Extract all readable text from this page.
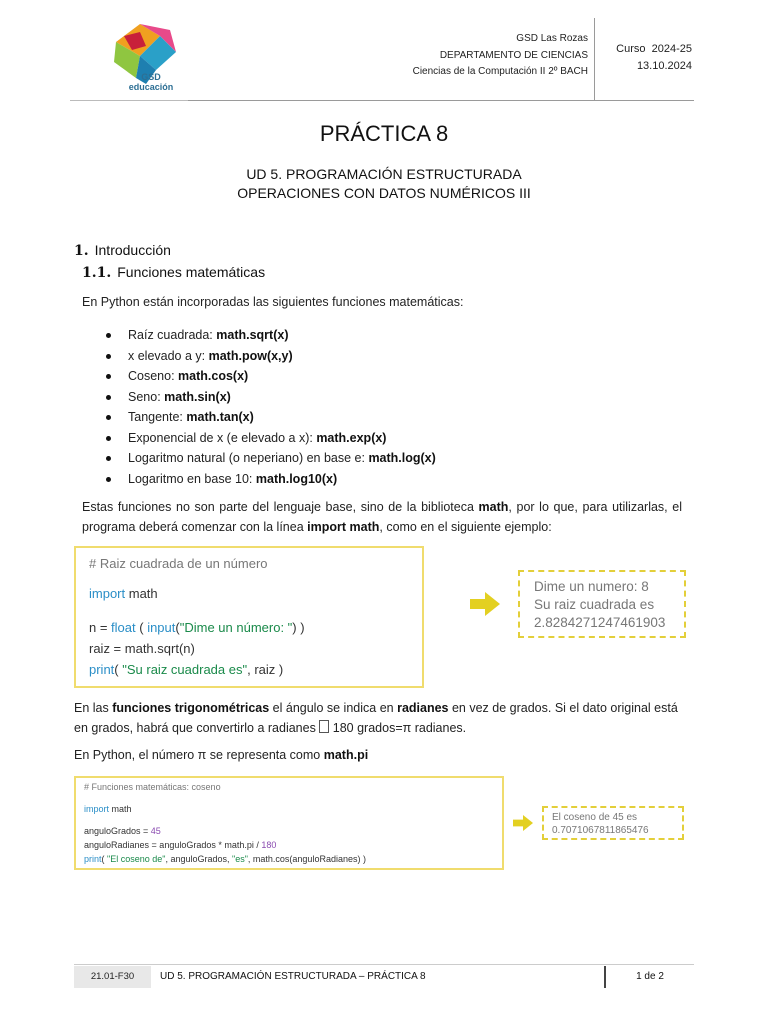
GSD
educación
GSD Las Rozas
DEPARTAMENTO DE CIENCIAS
Ciencias de la Computación II 2º BACH
Curso  2024-25
13.10.2024
PRÁCTICA 8
UD 5. PROGRAMACIÓN ESTRUCTURADA
OPERACIONES CON DATOS NUMÉRICOS III
1. Introducción
1.1. Funciones matemáticas
En Python están incorporadas las siguientes funciones matemáticas:
Raíz cuadrada: math.sqrt(x)
x elevado a y: math.pow(x,y)
Coseno: math.cos(x)
Seno: math.sin(x)
Tangente: math.tan(x)
Exponencial de x (e elevado a x): math.exp(x)
Logaritmo natural (o neperiano) en base e: math.log(x)
Logaritmo en base 10: math.log10(x)
Estas funciones no son parte del lenguaje base, sino de la biblioteca math, por lo que, para utilizarlas, el programa deberá comenzar con la línea import math, como en el siguiente ejemplo:
# Raiz cuadrada de un número
import math
n = float ( input("Dime un número: ") )
raiz = math.sqrt(n)
print( "Su raiz cuadrada es", raiz )
Dime un numero: 8
Su raiz cuadrada es
2.8284271247461903
En las funciones trigonométricas el ángulo se indica en radianes en vez de grados. Si el dato original está en grados, habrá que convertirlo a radianes  180 grados=π radianes.
En Python, el número π se representa como math.pi
# Funciones matemáticas: coseno
import math
anguloGrados = 45
anguloRadianes = anguloGrados * math.pi / 180
print( "El coseno de", anguloGrados, "es", math.cos(anguloRadianes) )
El coseno de 45 es
0.7071067811865476
21.01-F30	UD 5. PROGRAMACIÓN ESTRUCTURADA – PRÁCTICA 8	1 de 2
